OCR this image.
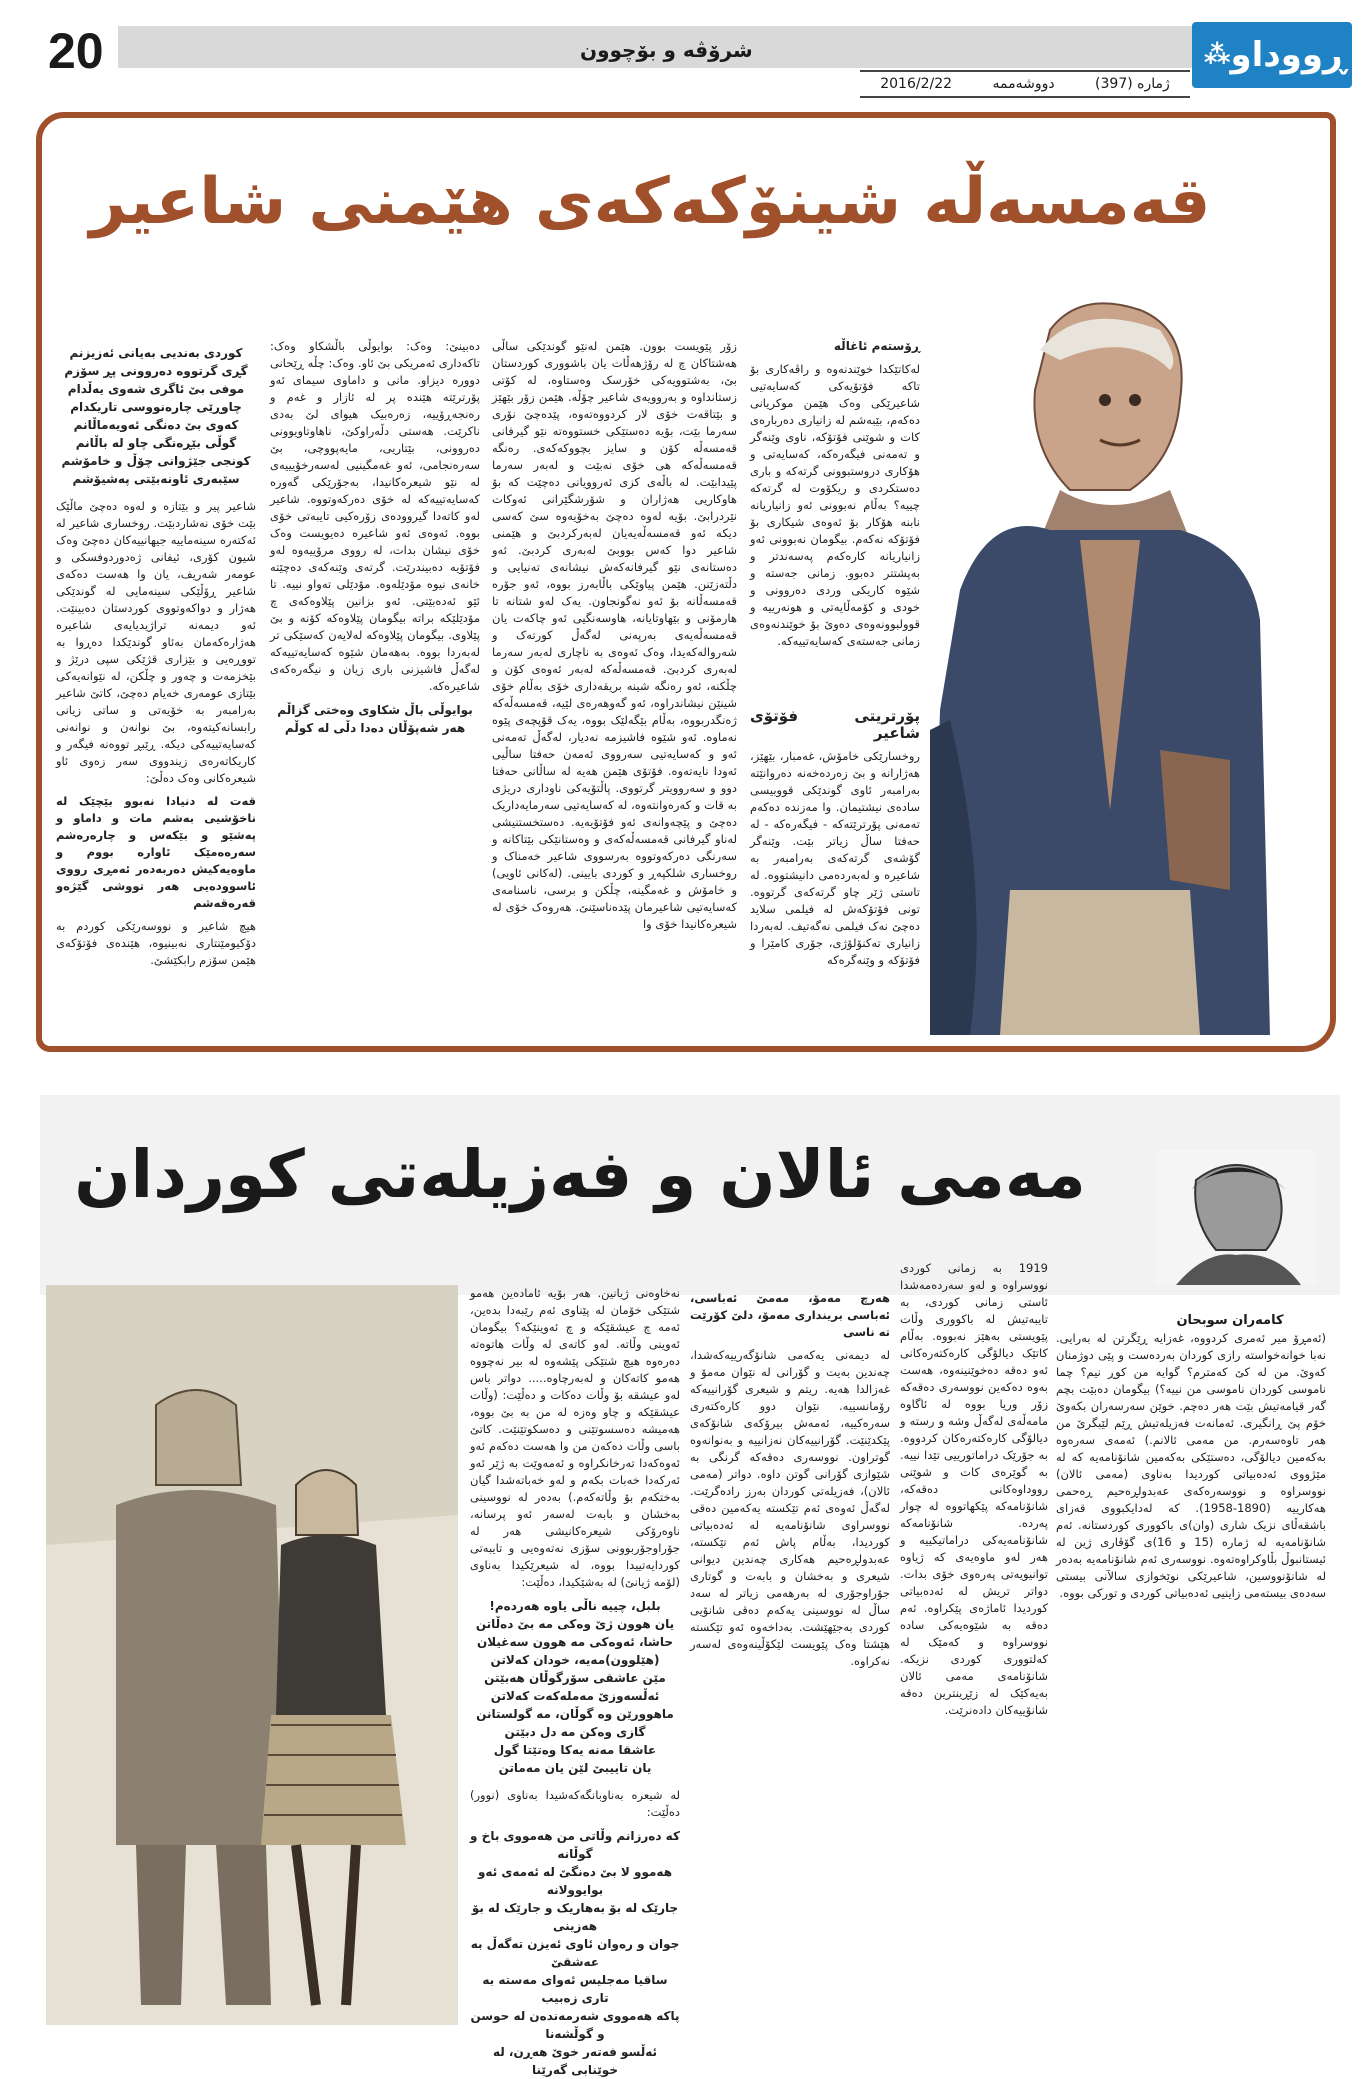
20	شرۆڤە و بۆچوون
ژمارە (397)
دووشەممە
2016/2/22
ڕووداو
⁂
قەمسەڵە شینۆکەکەی هێمنی شاعیر
ڕۆستەم ئاغاڵە

لەکاتێکدا خوێندنەوە و راڤەکاری بۆ تاکە فۆتۆیەکی کەسایەتیی شاعیرێکی وەک هێمن موکریانی دەکەم، بێبەشم لە زانیاری دەربارەی کات و شوێنی فۆتۆکە، ناوی وێنەگر و تەمەنی فیگەرەکە، کەسایەتی و هۆکاری دروستبوونی گرتەکە و باری دەستکردی و ریکۆوت لە گرتەکە چییە؟ بەڵام نەبوونی ئەو زانیاریانە نابنە هۆکار بۆ ئەوەی شیکاری بۆ فۆتۆکە نەکەم. بیگومان نەبوونی ئەو زانیاریانە کارەکەم پەسەندتر و بەپشتتر دەبوو. زمانی جەستە و شێوە کاریکی وردی دەروونی و خودی و کۆمەڵایەتی و هونەرییە و قوولبوونەوەی دەوێ بۆ خوێندنەوەی زمانی جەستەی کەسایەتییەکە.

پۆرتریتی فۆتۆی شاعیر

روخسارێکی خامۆش، غەمبار، بێهێز، هەژارانە و بێ زەردەخەنە دەروانێتە بەرامبەر ئاوی گوندێکی قووبیسی سادەی نیشتیمان. وا مەزندە دەکەم تەمەنی پۆرترێتەکە - فیگەرەکە - لە حەفتا ساڵ زیاتر بێت. وێنەگر گۆشەی گرتەکەی بەرامبەر بە شاعیرە و لەبەردەمی دانیشتووە. لە تاستی ژێر چاو گرتەکەی گرتووە. تونی فۆتۆکەش لە فیلمی سلاید دەچێ نەک فیلمی نەگەتیف. لەبەردا زانیاری تەکنۆلۆژی، جۆری کامێرا و فۆتۆکە و وێنەگرەکە

زۆر پێویست بوون. هێمن لەنێو گوندێکی ساڵی هەشتاکان چ لە رۆژهەڵات یان باشووری کوردستان بێ، بەشتوویەکی خۆرسک وەستاوە، لە کۆتی زستانداوە و بەروویەی شاعیر چۆڵە. هێمن زۆر بێهێز و بێتاقەت خۆی لار کردووەتەوە، پێدەچێ نۆری سەرما بێت، بۆیە دەستێکی خستووەتە نێو گیرفانی قەمسەڵە کۆن و سایز بچووکەکەی. رەنگە قەمسەڵەکە هی خۆی نەبێت و لەبەر سەرما پێیدابێت. لە باڵەی کزی ئەروویانی دەچێت کە بۆ هاوکاریی هەژاران و شۆرشگێرانی ئەوکات نێردرابێ. بۆیە لەوە دەچێ بەخۆیەوە سێ کەسی دیکە ئەو قەمسەڵەیەیان لەبەرکردبێ و هێمنی شاعیر دوا کەس بووبێ لەبەری کردبێ. ئەو دەستانەی نێو گیرفانەکەش نیشانەی تەنیایی و دڵتەزێنن. هێمن پیاوێکی باڵابەرز بووە، ئەو جۆرە قەمسەڵانە بۆ ئەو نەگونجاون. یەک لەو شتانە تا هارمۆنی و بێهاوتایانە، هاوسەنگیی ئەو چاکەت یان قەمسەڵەیەی بەرپەنی لەگەڵ کورتەک و شەروالەکەیدا، وەک ئەوەی بە ناچاری لەبەر سەرما لەبەری کردبێ. قەمسەڵەکە لەبەر ئەوەی کۆن و چڵکنە، ئەو رەنگە شینە بریقەداری خۆی بەڵام خۆی شینێن نیشاندراوە، ئەو گەوهەرەی لێیە، قەمسەڵەکە ژەنگدربووە، بەڵام بێگەلێک بووە، یەک قۆپچەی پێوە نەماوە. ئەو شێوە فاشیزمە نەدیار، لەگەڵ تەمەنی ئەو و کەسایەتیی سەرووی ئەمەن حەفتا ساڵیی ئەودا نایەتەوە. فۆتۆی هێمن هەیە لە ساڵانی حەفتا دوو و سەروویتر گرتووی. پاڵتۆیەکی ناوداری دریژی بە قات و کەرەوانتەوە، لە کەسایەتیی سەرمایەداریک دەچێ و پێچەوانەی ئەو فۆتۆیەیە. دەستخستنیشی لەناو گیرفانی قەمسەڵەکەی و وەستانێکی بێتاکانە و سەرنگی دەرکەوتووە بەرسووی شاعیر خەمناک و روخساری شلکپەڕ و کوردی بایینی. (لەکانی ئاویی) و خامۆش و غەمگینە، چڵکن و برسی، ناسنامەی کەسایەتیی شاعیرمان پێدەناسێنێ. هەروەک خۆی لە شیعرەکانیدا خۆی وا

دەبینێ: وەک: بوایوڵی باڵشکاو وەک: تاکەداری ئەمریکی بێ ئاو. وەک: چڵە ڕێحانی دووره دیزاو. مانی و داماوی سیمای ئەو پۆرترێتە هێندە پر لە ئازار و غەم و رەنجەڕۆییە، زەرەبیک هیوای لێ بەدی ناکرێت. هەستی دڵەراوکێ، ناهاوتاویوونی دەروونی، بێتاریی، مایەپووچی، بێ سەرەنجامی، ئەو غەمگینیی لەسەرخۆیییەی لە نێو شیعرەکانیدا، بەجۆرێکی گەورە کەسایەتییەکە لە خۆی دەرکەوتووە. شاعیر لەو کاتەدا گیروودەی زۆرەکیی تایبەتی خۆی بووە. ئەوەی ئەو شاعیرە دەیویست وەک خۆی نیشان بدات، لە رووی مرۆییەوە لەو فۆتۆیە دەبیندرێت. گرتەی وێنەکەی دەچێتە خانەی نیوە مۆدێلەوە. مۆدێلی تەواو نییە. تا ئێو ئەدەبێتی. ئەو بزانین پێلاوەکەی چ مۆدێلێکە براتە بیگومان پێلاوەکە کۆنە و بێ پێلاوی. بیگومان پێلاوەکە لەلایەن کەسێکی تر لەبەردا بووە. بەهەمان شێوە کەسایەتییەکە لەگەڵ فاشیزنی باری زیان و نیگەرەکەی شاعیرەکە.

بوایوڵی باڵ شکاوی وەختی گزاڵم
هەر شەپۆڵان دەدا دڵی لە کوڵم
کوردی بەندیی بەیانی ئەزیزنم
گڕی گرتووە دەروونی پڕ سۆزم
موفی بێ ئاگری شەوی یەڵدام
چاوڕێی چارەنووسی تاریکدام
کەوی بێ دەنگی ئەویەماڵانم
گوڵی بێڕەنگی چاو لە باڵانم
کونجی جێژوانی چۆڵ و خامۆشم
سێبەری ئاونەبێتی پەشیۆشم

شاعیر پیر و بێتازە و لەوە دەچێ ماڵێک بێت خۆی نەشاردبێت. روخساری شاعیر لە ئەکتەرە سینەماییە جیهانییەکان دەچێ وەک شیون کۆری، ئیفانی ژەدوردوفسکی و عومەر شەریف، یان وا هەست دەکەی شاعیر ڕۆڵێکی سینەمایی لە گوندێکی هەژار و دواکەوتووی کوردستان دەبینێت. ئەو دیمەنە تراژیدیایەی شاعیرە هەژارەکەمان بەئاو گوندێکدا دەڕوا بە تووڕەیی و بێزاری قژێکی سپی درێژ و بێخزمەت و چەور و چڵکن، لە نێوانەیەکی بێتازی عومەری خەیام دەچێ، کاتێ شاعیر بەرامبەر بە خۆیەتی و ساتی زیانی رابسانەکیتەوە، بێ نوانەن و نوانەنی کەسایەتییەکی دیکە. ڕێبڕ تووەنە فیگەر و کاریکاتەرەی زیندووی سەر زەوی ئاو شیعرەکانی وەک دەڵێ:

قەت لە دنیادا نەبوو بێچێک لە ناخۆشیی بەشم مات و داماو و پەشێو و بێکەس و چارەرەشم سەرەەمێک ئاوارە بووم و ماوەیەکیش دەربەدەر ئەمڕی رووی ئاسوودەیی هەر تووشی گێژەو قەرەقەشم

هیچ شاعیر و نووسەرێکی کوردم بە دۆکیومێنتاری نەبینیوە، هێندەی فۆتۆکەی هێمن سۆزم رابکێشێ.

مەمی ئالان و فەزیلەتی کوردان
کامەران سوبحان

(ئەمڕۆ میر ئەمری کردووە، غەزایە ڕێگرتن لە بەرایی. نەبا خوانەخواستە رازی کوردان بەردەست و پێی دوژمنان کەوێ. من لە کێ کەمترم؟ گوایە من کوڕ نیم؟ چما ناموسی کوردان ناموسی من نییە؟) بیگومان دەبێت بچم گەر قیامەتیش بێت هەر دەچم. خوێن سەرسەران بکەوێ خۆم پێ ڕانگیری. ئەمانەت فەزیلەتیش ڕێم لێبگرێ من هەر تاوەسەرم. من مەمی ئالانم.) ئەمەی سەرەوە بەکەمین دیالۆگی، دەستێکی بەکەمین شانۆنامەیە کە لە مێژووی ئەدەبیاتی کوردیدا بەناوی (مەمی ئالان) نووسراوە و نووسەرەکەی عەبدولڕەحیم ڕەحمی هەکارییە (1890-1958). کە لەدایکبووی قەزای باشقەڵای نزیک شاری (وان)ی باکووری کوردستانە. ئەم شانۆنامەیە لە ژمارە (15 و 16)ی گۆڤاری ژین لە ئیستانبوڵ بڵاوکراوەتەوە. نووسەری ئەم شانۆنامەیە بەدەر لە شانۆنووسین، شاعیرێکی نوێخوازی سالآنی بیستی سەدەی بیستەمی زاینیی ئەدەبیاتی کوردی و تورکی بووە.

1919 بە زمانی کوردی نووسراوە و لەو سەردەمەشدا ئاستی زمانی کوردی، به تایبەتیش لە باکووری وڵات پێویستی بەهێز نەبووە. بەڵام کاتێک دیالۆگی کارەکتەرەکانی ئەو دەقە دەخوێنینەوە، هەست بەوە دەکەین نووسەری دەقەکە زۆر وریا بووە لە ئاگاوە مامەڵەی لەگەڵ وشە و رستە و دیالۆگی کارەکتەرەکان کردووە. بە جۆرێک دراماتورییی تێدا نییە. بە گوێرەی کات و شوێنی رووداوەکانی دەقەکە، شانۆنامەکە پێکهاتووە لە چوار پەردە. شانۆنامەکە شانۆنامەیەکی دراماتیکییە و هەر لەو ماوەیەی کە ژیاوە توانیویەتی پەرەوی خۆی بدات. دواتر تریش لە ئەدەبیاتی کوردیدا ئاماژەی پێکراوە. ئەم دەقە بە شێوەیەکی سادە نووسراوە و کەمێک لە کەلتووری کوردی نزیکە. شانۆنامەی مەمی ئالان بەیەکێک لە زێڕینترین دەقە شانۆییەکان دادەنرێت.

هەرچ مەمۆ، مەمێ ئەباسی، ئەباسی برینداری مەمۆ، دلێ کۆرێت تە ناسی

لە دیمەنی یەکەمی شانۆگەرییەکەشدا، چەندین بەیت و گۆرانی لە نێوان مەمۆ و غەزالدا هەیە. ریتم و شیعری گۆرانییەکە رۆمانسییە. نێوان دوو کارەکتەری سەرەکییە، ئەمەش بیرۆکەی شانۆکەی پێکدێنێت. گۆرانییەکان نەزانییە و بەنوانەوە گوتراون. نووسەری دەقەکە گرنگی بە شێوازی گۆرانی گوتن داوە. دواتر (مەمی ئالان)، فەزیلەتی کوردان بەرز رادەگرێت. لەگەڵ ئەوەی ئەم تێکستە یەکەمین دەقی نووسراوی شانۆنامەیە لە ئەدەبیاتی کوردیدا، بەڵام پاش ئەم تێکستە، عەبدولڕەحیم هەکاری چەندین دیوانی شیعری و بەخشان و بابەت و گوتاری جۆراوجۆری لە بەرهەمی زیاتر لە سەد ساڵ لە نووسینی یەکەم دەقی شانۆیی کوردی بەجێهێشت. بەداخەوە ئەو تێکستە هێشتا وەک پێویست لێکۆڵینەوەی لەسەر نەکراوە.

نەخاوەنی ژیانین. هەر بۆیە ئامادەین هەمو شتێکی خۆمان لە پێناوی ئەم رێبەدا بدەین، ئەمە چ عیشقێکە و چ ئەوینێکە؟ بیگومان ئەوینی وڵاتە. لەو کاتەی لە وڵات هاتوەتە دەرەوە هیچ شتێکی پێشەوە لە بیر نەچووە هەمو کاتەکان و لەبەرچاوە..... دواتر باس لەو عیشقە بۆ وڵات دەکات و دەڵێت: (وڵات عیشقێکە و چاو وەزە لە من بە بێ بووە، هەمیشە دەسسوتێنی و دەسکوتێنێت. کاتێ باسی وڵات دەکەن من وا هەست دەکەم ئەو ئەوەکەدا تەرخانکراوە و ئەمەوێت بە ژێر ئەو ئەرکەدا خەبات بکەم و لەو خەباتەشدا گیان بەختکەم بۆ وڵاتەکەم.) بەدەر لە نووسینی بەخشان و بابەت لەسەر ئەو پرسانە، ناوەرۆکی شیعرەکانیشی هەر لە جۆراوجۆربوونی سۆزی نەتەوەیی و تایبەتی کوردایەتییدا بووە، لە شیعرێکیدا بەناوی (لۆمە ژیانێ) لە بەشێکیدا، دەڵێت:

بلبل، چییە ناڵی یاوە هەردەم!
یان هوون ژێ وەکی مە بێ دەڵاتن
حاشا، ئەوەکی مە هوون سەغیلان
(هێلوون)مەیە، خودان کەلاتن
مێن عاشقی سۆرگوڵان هەبێتن
ئەڵسەوزێ مەملەکەت کەلاتن
ماهوورێن وە گوڵان، مە گولستانن
گازی وەکن مە دل دبێتن
عاشقا مەنە یەکا وەتێتا گول
یان تاییبێ لێن یان مەماتن

لە شیعرە بەناوبانگەکەشیدا بەناوی (نوور) دەڵێت:

کە دەرزانم وڵاتی من هەمووی باخ و گوڵانە
هەموو لا بێ دەنگێ لە ئەمەی ئەو بوایوولانە
جارێک لە بۆ بەهاریک و جارێک لە بۆ هەزینی
جوان و رەوان ئاوی ئەیزن تەگەڵ بە عەشقێ
ساقیا مەجلیس ئەوای مەستە بە تاری زەبیب
پاکە هەمووی شەرمەندەن لە حوسن و گوڵشەنا
ئەڵسو فەتەر خوێ هەڕن، لە خوێنابی گەرێنا
